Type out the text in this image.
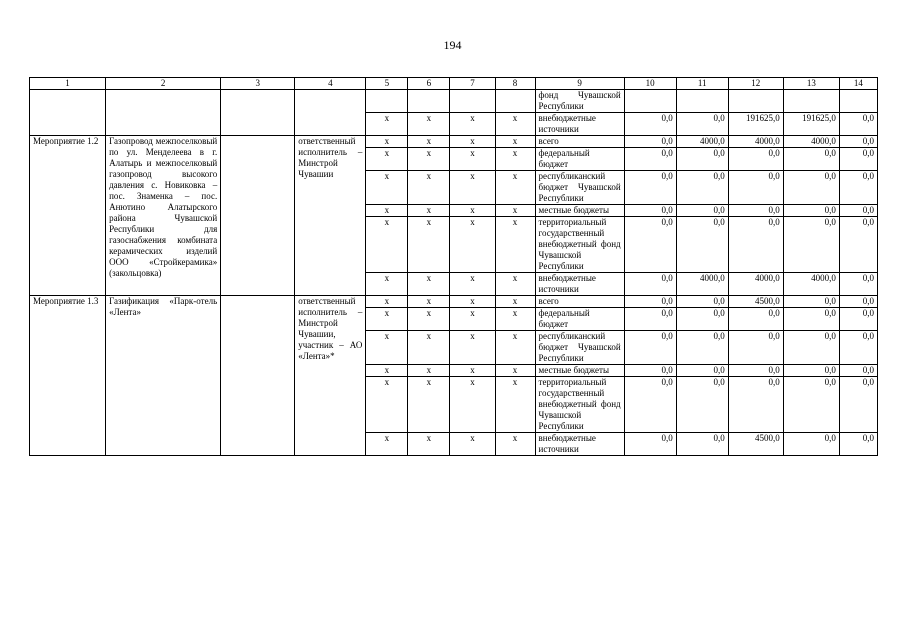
194
1	2	3	4	5	6	7	8	9	10	11	12	13	14
								фонд Чувашской Республики					
				х	х	х	х	внебюджетные источники	0,0	0,0	191625,0	191625,0	0,0
Мероприятие 1.2	Газопровод межпоселковый по ул. Менделеева в г. Алатырь и межпоселковый газопровод высокого давления с. Новиковка – пос. Знаменка – пос. Анютино Алатырского района Чувашской Республики для газоснабжения комбината керамических изделий ООО «Стройкерамика» (закольцовка)		ответственный исполнитель – Минстрой Чувашии	х	х	х	х	всего	0,0	4000,0	4000,0	4000,0	0,0
				х	х	х	х	федеральный бюджет	0,0	0,0	0,0	0,0	0,0
				х	х	х	х	республиканский бюджет Чувашской Республики	0,0	0,0	0,0	0,0	0,0
				х	х	х	х	местные бюджеты	0,0	0,0	0,0	0,0	0,0
				х	х	х	х	территориальный государственный внебюджетный фонд Чувашской Республики	0,0	0,0	0,0	0,0	0,0
				х	х	х	х	внебюджетные источники	0,0	4000,0	4000,0	4000,0	0,0
Мероприятие 1.3	Газификация «Парк-отель «Лента»		ответственный исполнитель – Минстрой Чувашии, участник – АО «Лента»*	х	х	х	х	всего	0,0	0,0	4500,0	0,0	0,0
				х	х	х	х	федеральный бюджет	0,0	0,0	0,0	0,0	0,0
				х	х	х	х	республиканский бюджет Чувашской Республики	0,0	0,0	0,0	0,0	0,0
				х	х	х	х	местные бюджеты	0,0	0,0	0,0	0,0	0,0
				х	х	х	х	территориальный государственный внебюджетный фонд Чувашской Республики	0,0	0,0	0,0	0,0	0,0
				х	х	х	х	внебюджетные источники	0,0	0,0	4500,0	0,0	0,0
